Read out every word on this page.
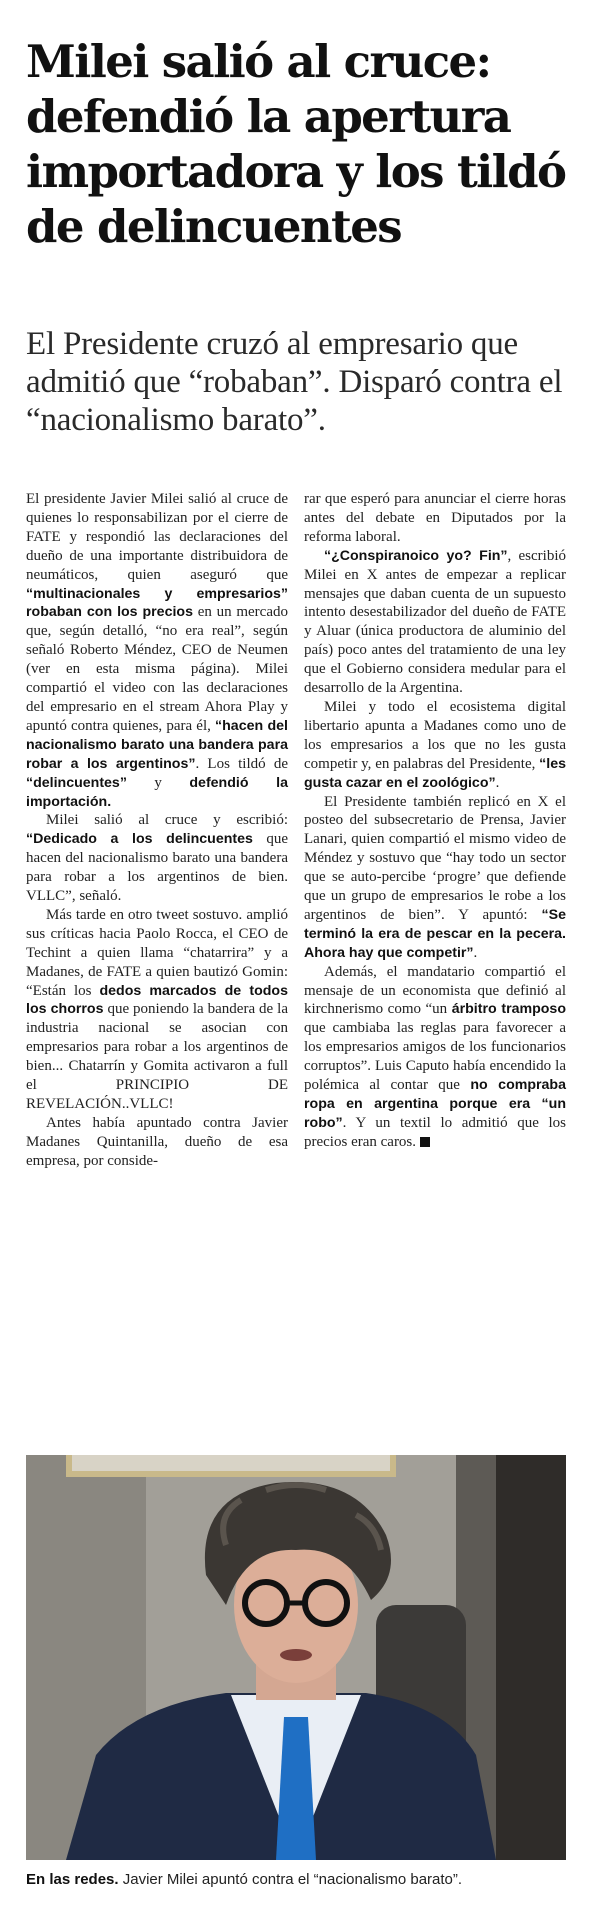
Milei salió al cruce: defendió la apertura importadora y los tildó de delincuentes
El Presidente cruzó al empresario que admitió que “robaban”. Disparó contra el “nacionalismo barato”.

El presidente Javier Milei salió al cruce de quienes lo responsabilizan por el cierre de FATE y respondió las declaraciones del dueño de una importante distribuidora de neumáticos, quien aseguró que “multinacionales y empresarios” robaban con los precios en un mercado que, según detalló, “no era real”, según señaló Roberto Méndez, CEO de Neumen (ver en esta misma página). Milei compartió el video con las declaraciones del empresario en el stream Ahora Play y apuntó contra quienes, para él, “hacen del nacionalismo barato una bandera para robar a los argentinos”. Los tildó de “delincuentes” y defendió la importación.

Milei salió al cruce y escribió: “Dedicado a los delincuentes que hacen del nacionalismo barato una bandera para robar a los argentinos de bien. VLLC”, señaló.

Más tarde en otro tweet sostuvo. amplió sus críticas hacia Paolo Rocca, el CEO de Techint a quien llama “chatarrira” y a Madanes, de FATE a quien bautizó Gomin: “Están los dedos marcados de todos los chorros que poniendo la bandera de la industria nacional se asocian con empresarios para robar a los argentinos de bien... Chatarrín y Gomita activaron a full el PRINCIPIO DE REVELACIÓN..VLLC!

Antes había apuntado contra Javier Madanes Quintanilla, dueño de esa empresa, por conside-

rar que esperó para anunciar el cierre horas antes del debate en Diputados por la reforma laboral.

“¿Conspiranoico yo? Fin”, escribió Milei en X antes de empezar a replicar mensajes que daban cuenta de un supuesto intento desestabilizador del dueño de FATE y Aluar (única productora de aluminio del país) poco antes del tratamiento de una ley que el Gobierno considera medular para el desarrollo de la Argentina.

Milei y todo el ecosistema digital libertario apunta a Madanes como uno de los empresarios a los que no les gusta competir y, en palabras del Presidente, “les gusta cazar en el zoológico”.

El Presidente también replicó en X el posteo del subsecretario de Prensa, Javier Lanari, quien compartió el mismo video de Méndez y sostuvo que “hay todo un sector que se auto-percibe ‘progre’ que defiende que un grupo de empresarios le robe a los argentinos de bien”. Y apuntó: “Se terminó la era de pescar en la pecera. Ahora hay que competir”.

Además, el mandatario compartió el mensaje de un economista que definió al kirchnerismo como “un árbitro tramposo que cambiaba las reglas para favorecer a los empresarios amigos de los funcionarios corruptos”. Luis Caputo había encendido la polémica al contar que no compraba ropa en argentina porque era “un robo”. Y un textil lo admitió que los precios eran caros.

En las redes. Javier Milei apuntó contra el “nacionalismo barato”.
